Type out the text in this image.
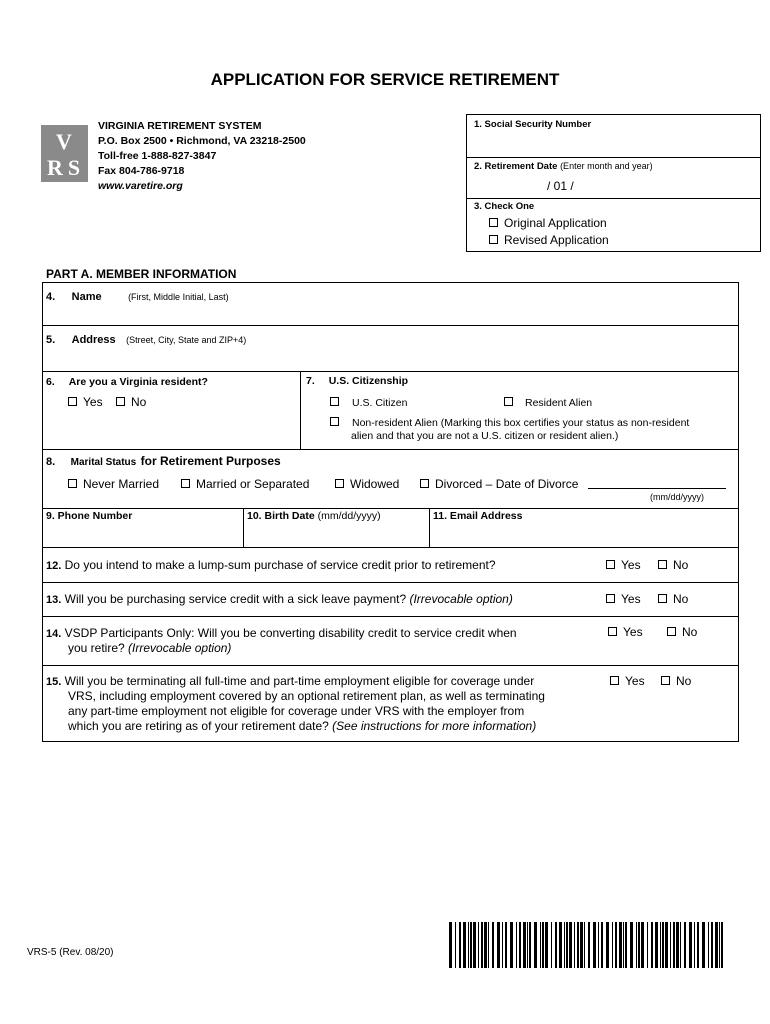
APPLICATION FOR SERVICE RETIREMENT
V
R S
VIRGINIA RETIREMENT SYSTEM
P.O. Box 2500 • Richmond, VA 23218-2500
Toll-free 1-888-827-3847
Fax 804-786-9718
www.varetire.org
1. Social Security Number
2. Retirement Date (Enter month and year)
/ 01 /
3. Check One
Original Application
Revised Application
PART A. MEMBER INFORMATION
4. Name	(First, Middle Initial, Last)
5. Address (Street, City, State and ZIP+4)
6. Are you a Virginia resident?
Yes	No
7. U.S. Citizenship
U.S. Citizen	Resident Alien
Non-resident Alien (Marking this box certifies your status as non-resident
alien and that you are not a U.S. citizen or resident alien.)
8. Marital Status for Retirement Purposes
Never Married	Married or Separated	Widowed	Divorced – Date of Divorce
(mm/dd/yyyy)
9. Phone Number	10. Birth Date (mm/dd/yyyy)	11. Email Address
12. Do you intend to make a lump-sum purchase of service credit prior to retirement?	Yes	No
13. Will you be purchasing service credit with a sick leave payment? (Irrevocable option)	Yes	No
14. VSDP Participants Only: Will you be converting disability credit to service credit when
you retire? (Irrevocable option)
Yes	No
15. Will you be terminating all full-time and part-time employment eligible for coverage under
VRS, including employment covered by an optional retirement plan, as well as terminating
any part-time employment not eligible for coverage under VRS with the employer from
which you are retiring as of your retirement date? (See instructions for more information)
Yes	No
VRS-5 (Rev. 08/20)
